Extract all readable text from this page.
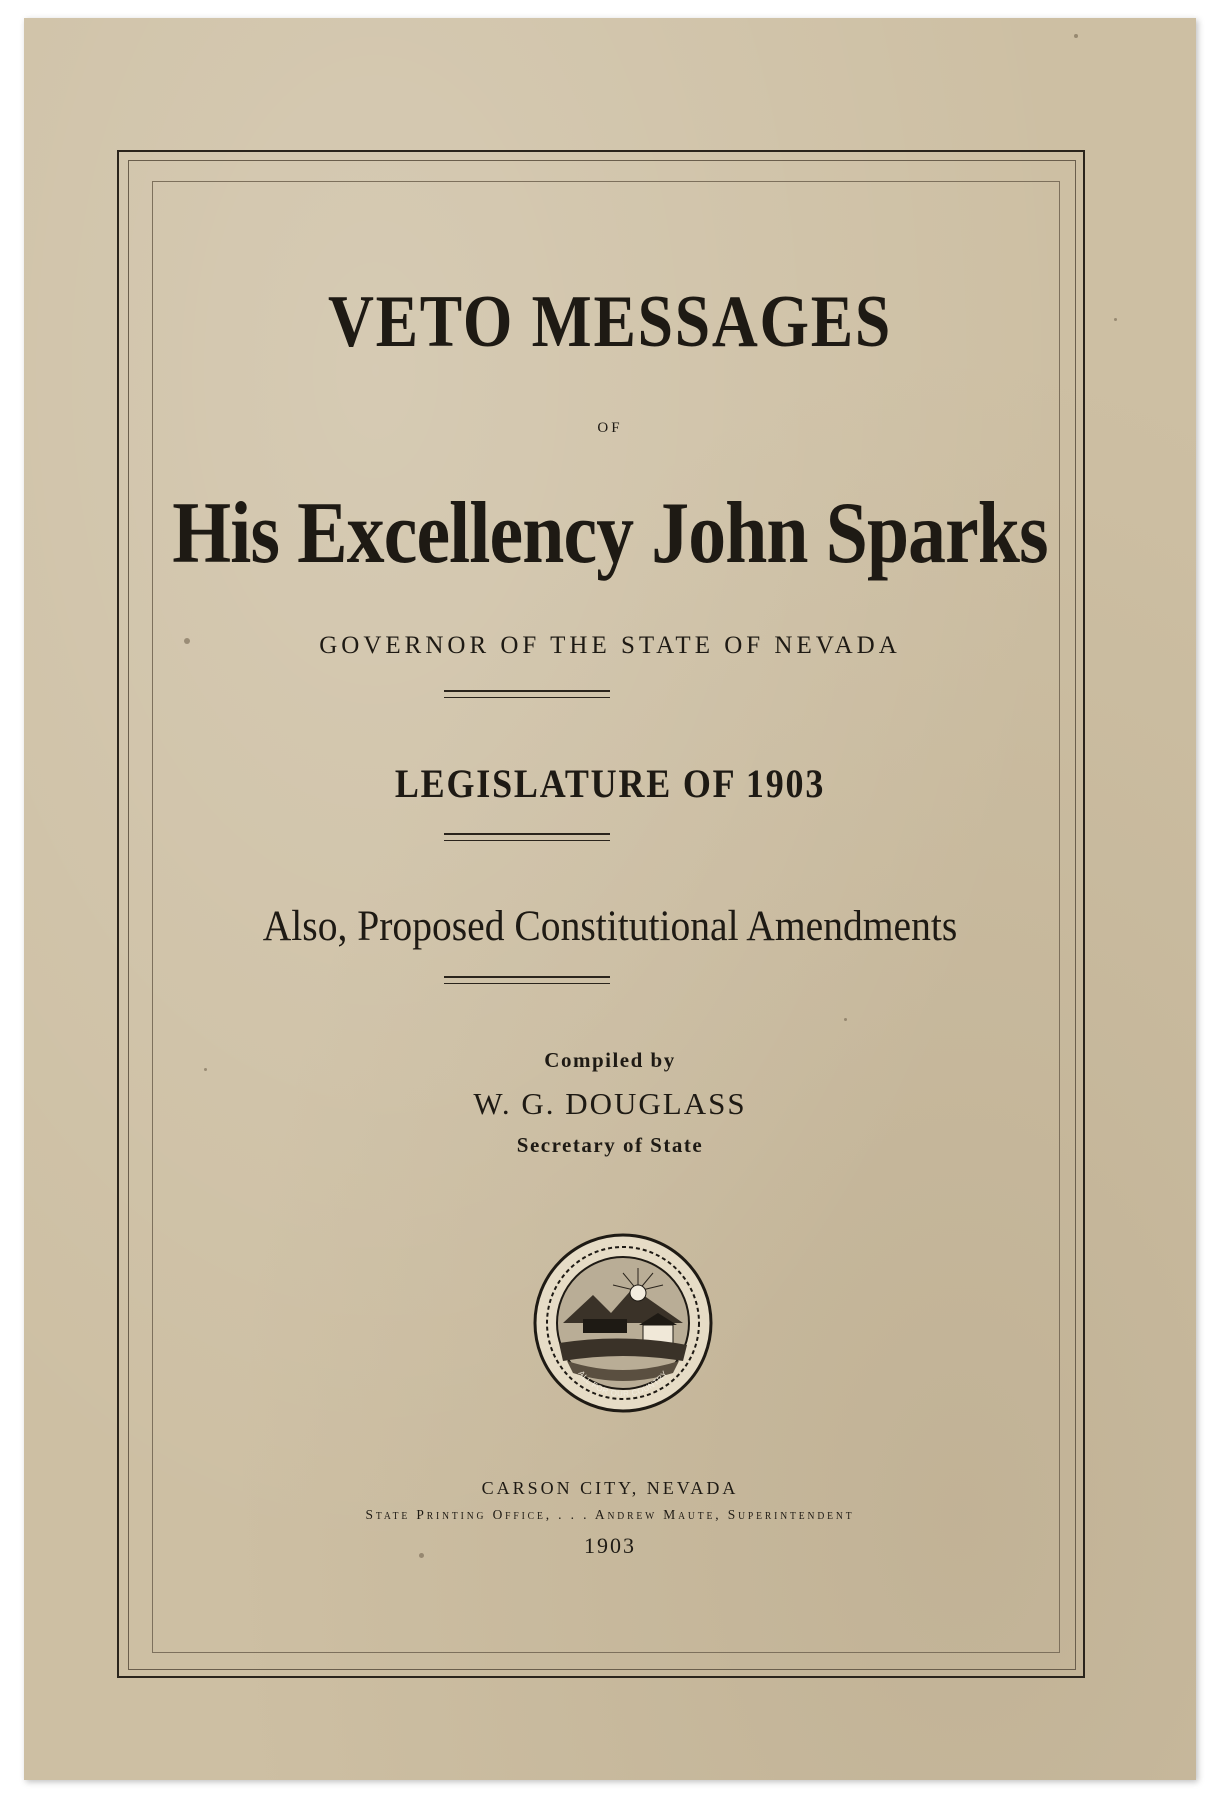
VETO MESSAGES
OF
His Excellency John Sparks
GOVERNOR OF THE STATE OF NEVADA
LEGISLATURE OF 1903
Also, Proposed Constitutional Amendments
Compiled by
W. G. DOUGLASS
Secretary of State
ALL FOR OUR COUNTRY
CARSON CITY, NEVADA
State Printing Office, . . . Andrew Maute, Superintendent
1903
